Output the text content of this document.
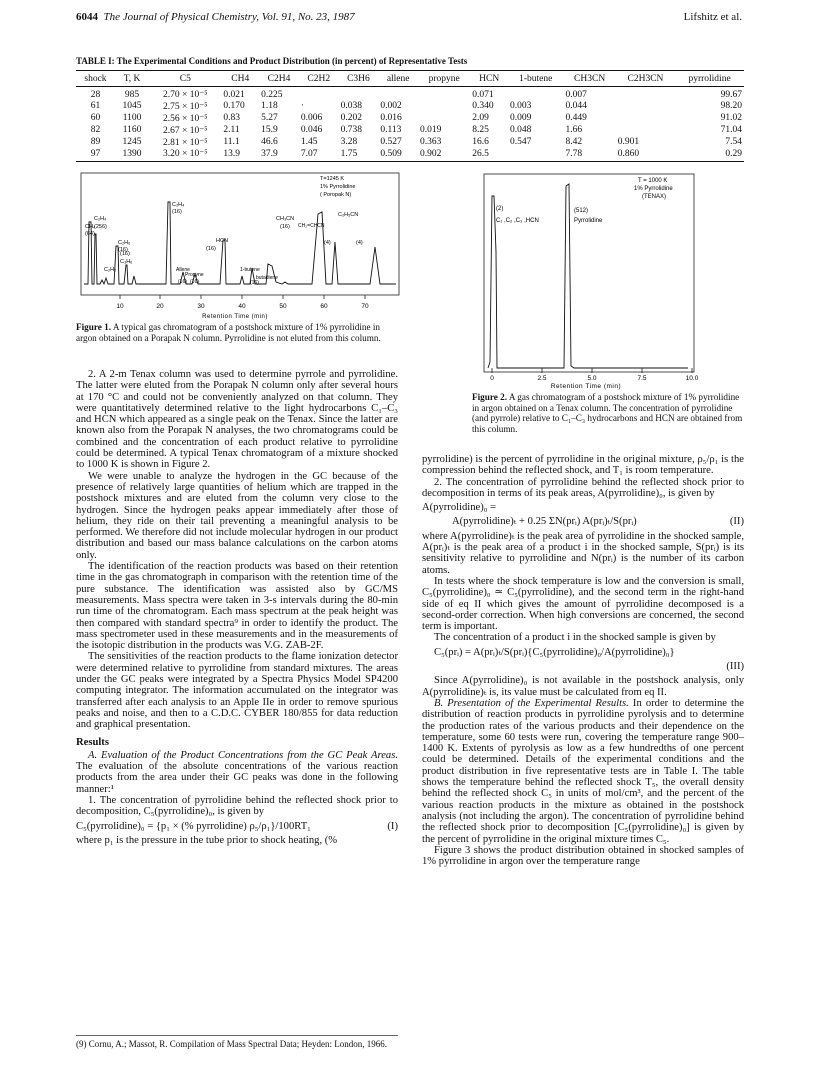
6044 The Journal of Physical Chemistry, Vol. 91, No. 23, 1987	Lifshitz et al.
TABLE I: The Experimental Conditions and Product Distribution (in percent) of Representative Tests
shock	T, K	C5	CH4	C2H4	C2H2	C3H6	allene	propyne	HCN	1-butene	CH3CN	C2H3CN	pyrrolidine
28	985	2.70 × 10⁻⁵	0.021	0.225					0.071		0.007		99.67
61	1045	2.75 × 10⁻⁵	0.170	1.18	·	0.038	0.002		0.340	0.003	0.044		98.20
60	1100	2.56 × 10⁻⁵	0.83	5.27	0.006	0.202	0.016		2.09	0.009	0.449		91.02
82	1160	2.67 × 10⁻⁵	2.11	15.9	0.046	0.738	0.113	0.019	8.25	0.048	1.66		71.04
89	1245	2.81 × 10⁻⁵	11.1	46.6	1.45	3.28	0.527	0.363	16.6	0.547	8.42	0.901	7.54
97	1390	3.20 × 10⁻⁵	13.9	37.9	7.07	1.75	0.509	0.902	26.5		7.78	0.860	0.29
CH₄
(64)
C₂H₄
(256)
C₂H₆
(16)
C₂H₂
C₃H₆
(16)
C₂H₄
(16)
Allene
Propyne
(16) (16)
HCN
(16)
1-butene
butadiene
(16)
CH₃CN
(16) CH₂=CHCN
(4)
C₂H₅CN
(4)
T=1245 K
1% Pyrrolidine
( Poropak N)
10	20	30	40	50	60	70
Retention Time (min)
Figure 1. A typical gas chromatogram of a postshock mixture of 1% pyrrolidine in argon obtained on a Porapak N column. Pyrrolidine is not eluted from this column.
T = 1000 K
1% Pyrrolidine
(TENAX)
(2)
C₁ ,C₂ ,C₃ ,HCN
(512)
Pyrrolidine
0	2.5	5.0	7.5	10.0
Retention Time (min)
Figure 2. A gas chromatogram of a postshock mixture of 1% pyrrolidine in argon obtained on a Tenax column. The concentration of pyrrolidine (and pyrrole) relative to C₁–C₃ hydrocarbons and HCN are obtained from this column.

2. A 2-m Tenax column was used to determine pyrrole and pyrrolidine. The latter were eluted from the Porapak N column only after several hours at 170 °C and could not be conveniently analyzed on that column. They were quantitatively determined relative to the light hydrocarbons C₁–C₃ and HCN which appeared as a single peak on the Tenax. Since the latter are known also from the Porapak N analyses, the two chromatograms could be combined and the concentration of each product relative to pyrrolidine could be determined. A typical Tenax chromatogram of a mixture shocked to 1000 K is shown in Figure 2.

We were unable to analyze the hydrogen in the GC because of the presence of relatively large quantities of helium which are trapped in the postshock mixtures and are eluted from the column very close to the hydrogen. Since the hydrogen peaks appear immediately after those of helium, they ride on their tail preventing a meaningful analysis to be performed. We therefore did not include molecular hydrogen in our product distribution and based our mass balance calculations on the carbon atoms only.

The identification of the reaction products was based on their retention time in the gas chromatograph in comparison with the retention time of the pure substance. The identification was assisted also by GC/MS measurements. Mass spectra were taken in 3-s intervals during the 80-min run time of the chromatogram. Each mass spectrum at the peak height was then compared with standard spectra⁹ in order to identify the product. The mass spectrometer used in these measurements and in the measurements of the isotopic distribution in the products was V.G. ZAB-2F.

The sensitivities of the reaction products to the flame ionization detector were determined relative to pyrrolidine from standard mixtures. The areas under the GC peaks were integrated by a Spectra Physics Model SP4200 computing integrator. The information accumulated on the integrator was transferred after each analysis to an Apple IIe in order to remove spurious peaks and noise, and then to a C.D.C. CYBER 180/855 for data reduction and graphical presentation.

Results

A. Evaluation of the Product Concentrations from the GC Peak Areas. The evaluation of the absolute concentrations of the various reaction products from the area under their GC peaks was done in the following manner:¹

1. The concentration of pyrrolidine behind the reflected shock prior to decomposition, C₅(pyrrolidine)₀, is given by

C₅(pyrrolidine)₀ = {p₁ × (% pyrrolidine) ρ₅/ρ₁}/100RT₁	(I)

where p₁ is the pressure in the tube prior to shock heating, (%

(9) Cornu, A.; Massot, R. Compilation of Mass Spectral Data; Heyden: London, 1966.

pyrrolidine) is the percent of pyrrolidine in the original mixture, ρ₅/ρ₁ is the compression behind the reflected shock, and T₁ is room temperature.

2. The concentration of pyrrolidine behind the reflected shock prior to decomposition in terms of its peak areas, A(pyrrolidine)₀, is given by

A(pyrrolidine)₀ =
A(pyrrolidine)ₜ + 0.25 ΣN(prᵢ) A(prᵢ)ₜ/S(prᵢ)	(II)

where A(pyrrolidine)ₜ is the peak area of pyrrolidine in the shocked sample, A(prᵢ)ₜ is the peak area of a product i in the shocked sample, S(prᵢ) is its sensitivity relative to pyrrolidine and N(prᵢ) is the number of its carbon atoms.

In tests where the shock temperature is low and the conversion is small, C₅(pyrrolidine)₀ ≃ C₅(pyrrolidine), and the second term in the right-hand side of eq II which gives the amount of pyrrolidine decomposed is a second-order correction. When high conversions are concerned, the second term is important.

The concentration of a product i in the shocked sample is given by

C₅(prᵢ) = A(prᵢ)ₜ/S(prᵢ){C₅(pyrrolidine)₀/A(pyrrolidine)₀}
(III)

Since A(pyrrolidine)₀ is not available in the postshock analysis, only A(pyrrolidine)ₜ is, its value must be calculated from eq II.

B. Presentation of the Experimental Results. In order to determine the distribution of reaction products in pyrrolidine pyrolysis and to determine the production rates of the various products and their dependence on the temperature, some 60 tests were run, covering the temperature range 900–1400 K. Extents of pyrolysis as low as a few hundredths of one percent could be determined. Details of the experimental conditions and the product distribution in five representative tests are in Table I. The table shows the temperature behind the reflected shock T₅, the overall density behind the reflected shock C₅ in units of mol/cm³, and the percent of the various reaction products in the mixture as obtained in the postshock analysis (not including the argon). The concentration of pyrrolidine behind the reflected shock prior to decomposition [C₅(pyrrolidine)₀] is given by the percent of pyrrolidine in the original mixture times C₅.

Figure 3 shows the product distribution obtained in shocked samples of 1% pyrrolidine in argon over the temperature range
